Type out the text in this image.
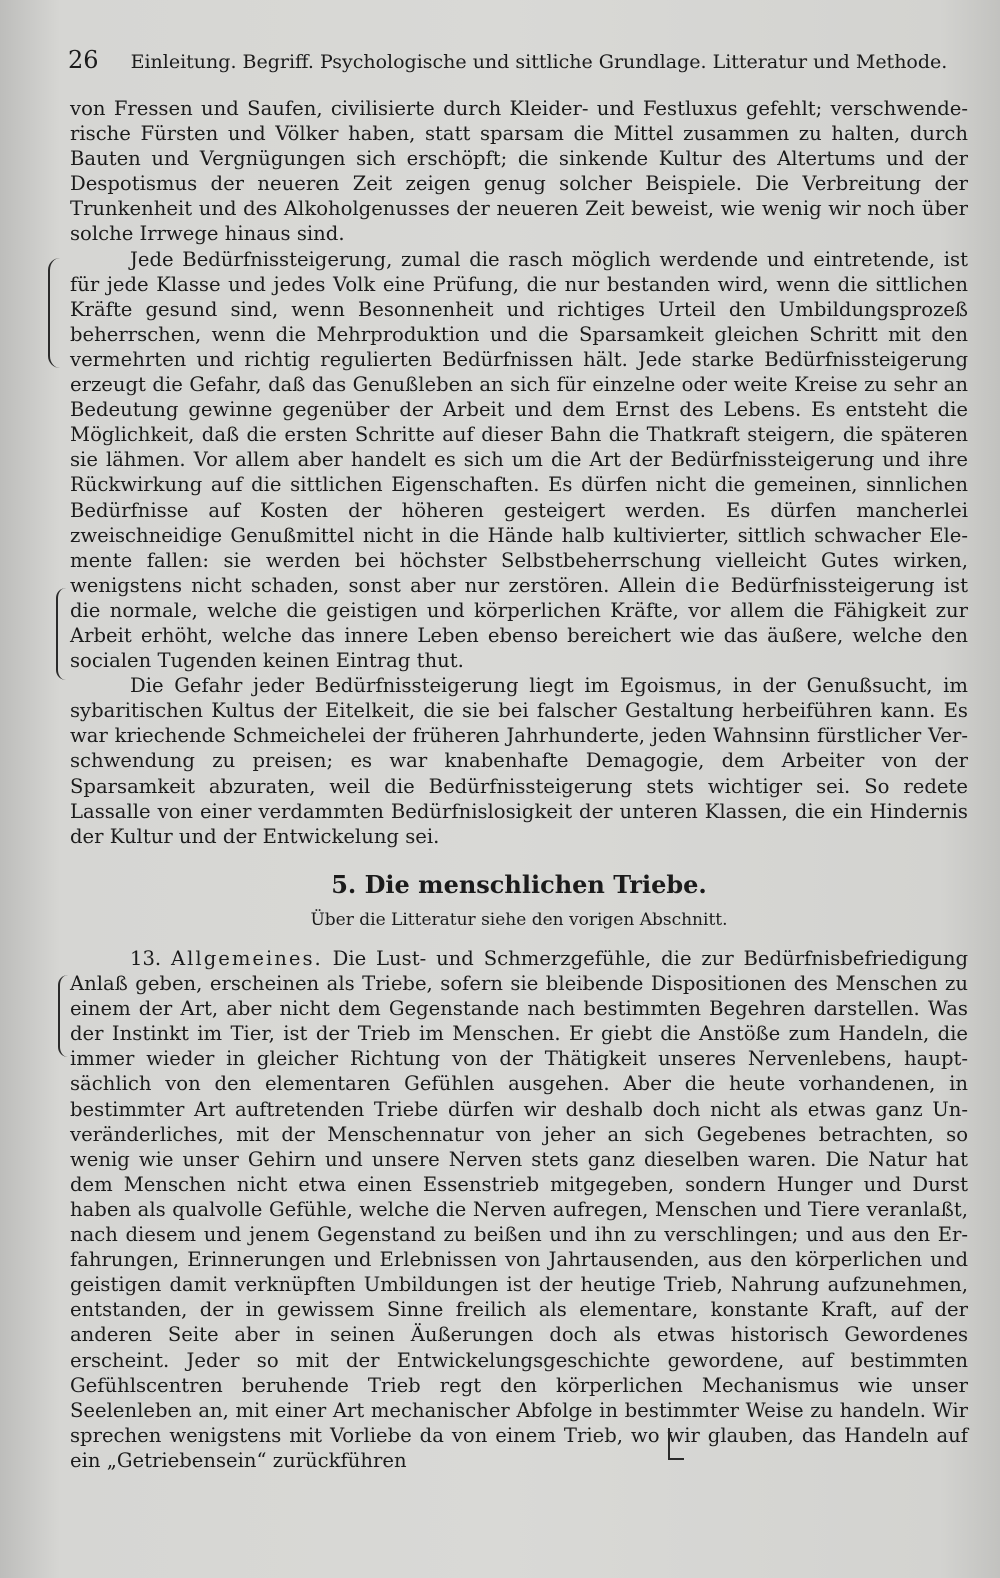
26 Einleitung. Begriff. Psychologische und sittliche Grundlage. Litteratur und Methode.

von Fressen und Saufen, civilisierte durch Kleider- und Festluxus gefehlt; verschwende- rische Fürsten und Völker haben, statt sparsam die Mittel zusammen zu halten, durch Bauten und Vergnügungen sich erschöpft; die sinkende Kultur des Altertums und der Despotismus der neueren Zeit zeigen genug solcher Beispiele. Die Verbreitung der Trunkenheit und des Alkoholgenusses der neueren Zeit beweist, wie wenig wir noch über solche Irrwege hinaus sind.

Jede Bedürfnissteigerung, zumal die rasch möglich werdende und eintretende, ist für jede Klasse und jedes Volk eine Prüfung, die nur bestanden wird, wenn die sittlichen Kräfte gesund sind, wenn Besonnenheit und richtiges Urteil den Umbildungsprozeß beherrschen, wenn die Mehrproduktion und die Sparsamkeit gleichen Schritt mit den vermehrten und richtig regulierten Bedürfnissen hält. Jede starke Bedürfnissteigerung erzeugt die Gefahr, daß das Genußleben an sich für einzelne oder weite Kreise zu sehr an Bedeutung gewinne gegenüber der Arbeit und dem Ernst des Lebens. Es entsteht die Möglichkeit, daß die ersten Schritte auf dieser Bahn die Thatkraft steigern, die späteren sie lähmen. Vor allem aber handelt es sich um die Art der Bedürfnissteigerung und ihre Rückwirkung auf die sittlichen Eigenschaften. Es dürfen nicht die gemeinen, sinnlichen Bedürfnisse auf Kosten der höheren gesteigert werden. Es dürfen mancherlei zweischneidige Genußmittel nicht in die Hände halb kultivierter, sittlich schwacher Ele- mente fallen: sie werden bei höchster Selbstbeherrschung vielleicht Gutes wirken, wenigstens nicht schaden, sonst aber nur zerstören. Allein die Bedürfnissteigerung ist die normale, welche die geistigen und körperlichen Kräfte, vor allem die Fähigkeit zur Arbeit erhöht, welche das innere Leben ebenso bereichert wie das äußere, welche den socialen Tugenden keinen Eintrag thut.

Die Gefahr jeder Bedürfnissteigerung liegt im Egoismus, in der Genußsucht, im sybaritischen Kultus der Eitelkeit, die sie bei falscher Gestaltung herbeiführen kann. Es war kriechende Schmeichelei der früheren Jahrhunderte, jeden Wahnsinn fürstlicher Ver- schwendung zu preisen; es war knabenhafte Demagogie, dem Arbeiter von der Sparsamkeit abzuraten, weil die Bedürfnissteigerung stets wichtiger sei. So redete Lassalle von einer verdammten Bedürfnislosigkeit der unteren Klassen, die ein Hindernis der Kultur und der Entwickelung sei.

5. Die menschlichen Triebe.
Über die Litteratur siehe den vorigen Abschnitt.

13. Allgemeines. Die Lust- und Schmerzgefühle, die zur Bedürfnisbefriedigung Anlaß geben, erscheinen als Triebe, sofern sie bleibende Dispositionen des Menschen zu einem der Art, aber nicht dem Gegenstande nach bestimmten Begehren darstellen. Was der Instinkt im Tier, ist der Trieb im Menschen. Er giebt die Anstöße zum Handeln, die immer wieder in gleicher Richtung von der Thätigkeit unseres Nervenlebens, haupt- sächlich von den elementaren Gefühlen ausgehen. Aber die heute vorhandenen, in bestimmter Art auftretenden Triebe dürfen wir deshalb doch nicht als etwas ganz Un- veränderliches, mit der Menschennatur von jeher an sich Gegebenes betrachten, so wenig wie unser Gehirn und unsere Nerven stets ganz dieselben waren. Die Natur hat dem Menschen nicht etwa einen Essenstrieb mitgegeben, sondern Hunger und Durst haben als qualvolle Gefühle, welche die Nerven aufregen, Menschen und Tiere veranlaßt, nach diesem und jenem Gegenstand zu beißen und ihn zu verschlingen; und aus den Er- fahrungen, Erinnerungen und Erlebnissen von Jahrtausenden, aus den körperlichen und geistigen damit verknüpften Umbildungen ist der heutige Trieb, Nahrung aufzunehmen, entstanden, der in gewissem Sinne freilich als elementare, konstante Kraft, auf der anderen Seite aber in seinen Äußerungen doch als etwas historisch Gewordenes erscheint. Jeder so mit der Entwickelungsgeschichte gewordene, auf bestimmten Gefühlscentren beruhende Trieb regt den körperlichen Mechanismus wie unser Seelenleben an, mit einer Art mechanischer Abfolge in bestimmter Weise zu handeln. Wir sprechen wenigstens mit Vorliebe da von einem Trieb, wo wir glauben, das Handeln auf ein „Getriebensein“ zurückführen
